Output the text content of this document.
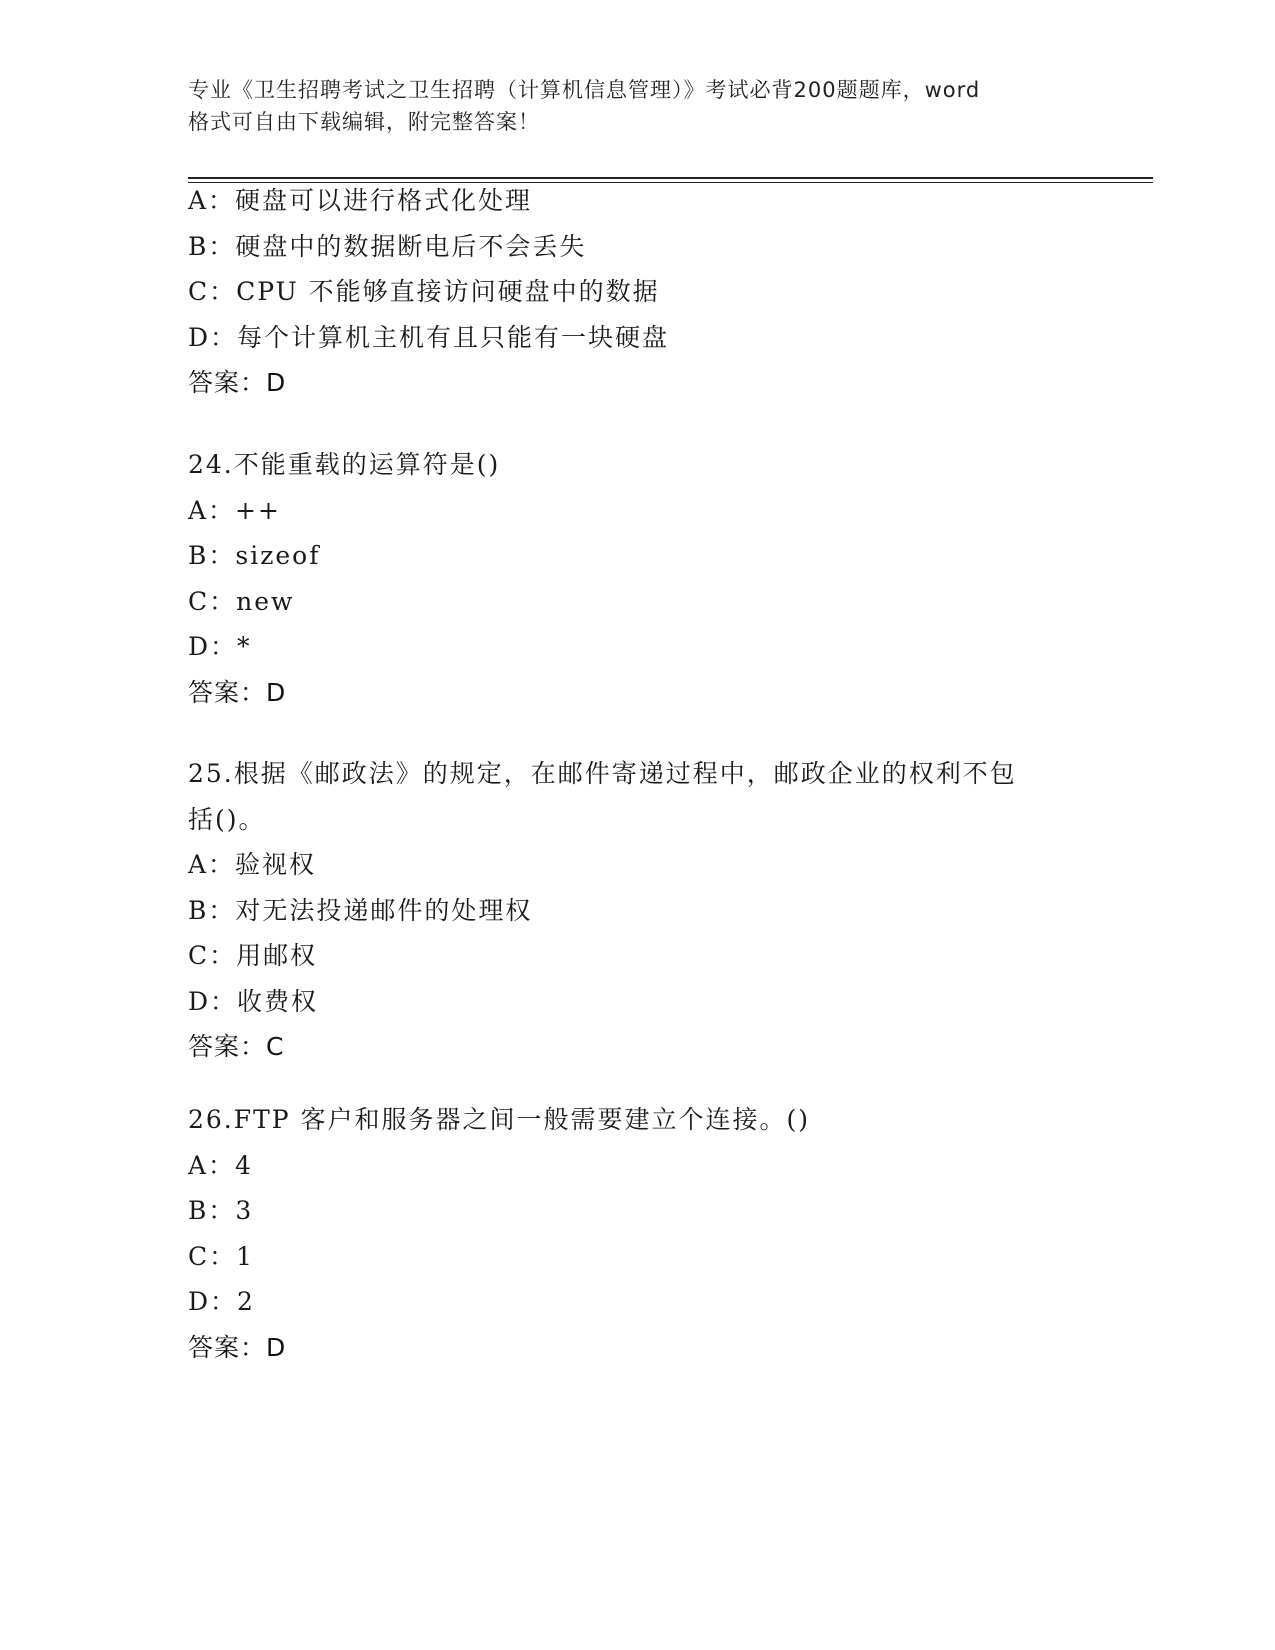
专业《卫生招聘考试之卫生招聘（计算机信息管理）》考试必背200题题库，word
格式可自由下载编辑，附完整答案！
A：硬盘可以进行格式化处理
B：硬盘中的数据断电后不会丢失
C：CPU 不能够直接访问硬盘中的数据
D：每个计算机主机有且只能有一块硬盘
答案：D
24.不能重载的运算符是()
A：++
B：sizeof
C：new
D：*
答案：D
25.根据《邮政法》的规定，在邮件寄递过程中，邮政企业的权利不包
括()。
A：验视权
B：对无法投递邮件的处理权
C：用邮权
D：收费权
答案：C
26.FTP 客户和服务器之间一般需要建立个连接。()
A：4
B：3
C：1
D：2
答案：D
